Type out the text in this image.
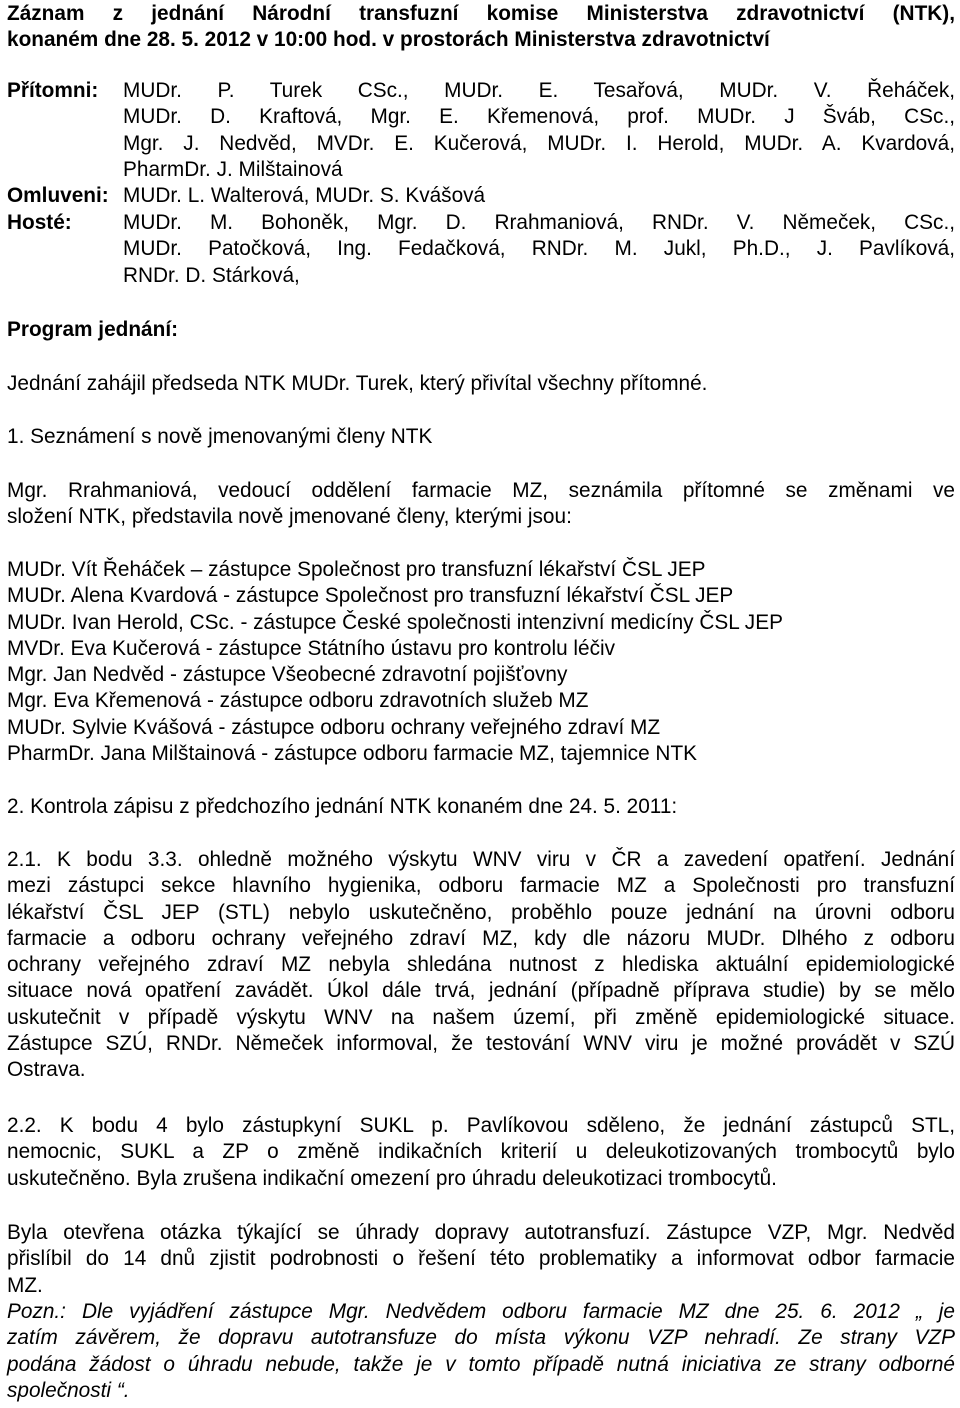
Záznam z jednání Národní transfuzní komise Ministerstva zdravotnictví (NTK),

konaném dne 28. 5. 2012 v 10:00 hod. v prostorách Ministerstva zdravotnictví

Přítomni:	MUDr. P. Turek CSc., MUDr. E. Tesařová, MUDr. V. Řeháček,

MUDr. D. Kraftová, Mgr. E. Křemenová, prof. MUDr. J Šváb, CSc.,

Mgr. J. Nedvěd, MVDr. E. Kučerová, MUDr. I. Herold, MUDr. A. Kvardová,

PharmDr. J. Milštainová

Omluveni: MUDr. L. Walterová, MUDr. S. Kvášová

Hosté:	MUDr. M. Bohoněk, Mgr. D. Rrahmaniová, RNDr. V. Němeček, CSc.,

MUDr. Patočková, Ing. Fedačková, RNDr. M. Jukl, Ph.D., J. Pavlíková,

RNDr. D. Stárková,

Program jednání:

Jednání zahájil předseda NTK MUDr. Turek, který přivítal všechny přítomné.

1. Seznámení s nově jmenovanými členy NTK

Mgr. Rrahmaniová, vedoucí oddělení farmacie MZ, seznámila přítomné se změnami ve

složení NTK, představila nově jmenované členy, kterými jsou:

MUDr. Vít Řeháček – zástupce Společnost pro transfuzní lékařství ČSL JEP

MUDr. Alena Kvardová - zástupce Společnost pro transfuzní lékařství ČSL JEP

MUDr. Ivan Herold, CSc. - zástupce České společnosti intenzivní medicíny ČSL JEP

MVDr. Eva Kučerová - zástupce Státního ústavu pro kontrolu léčiv

Mgr. Jan Nedvěd - zástupce Všeobecné zdravotní pojišťovny

Mgr. Eva Křemenová - zástupce odboru zdravotních služeb MZ

MUDr. Sylvie Kvášová - zástupce odboru ochrany veřejného zdraví MZ

PharmDr. Jana Milštainová - zástupce odboru farmacie MZ, tajemnice NTK

2. Kontrola zápisu z předchozího jednání NTK konaném dne 24. 5. 2011:

2.1. K bodu 3.3. ohledně možného výskytu WNV viru v ČR a zavedení opatření. Jednání

mezi zástupci sekce hlavního hygienika, odboru farmacie MZ a Společnosti pro transfuzní

lékařství ČSL JEP (STL) nebylo uskutečněno, proběhlo pouze jednání na úrovni odboru

farmacie a odboru ochrany veřejného zdraví MZ, kdy dle názoru MUDr. Dlhého z odboru

ochrany veřejného zdraví MZ nebyla shledána nutnost z hlediska aktuální epidemiologické

situace nová opatření zavádět. Úkol dále trvá, jednání (případně příprava studie) by se mělo

uskutečnit v případě výskytu WNV na našem území, při změně epidemiologické situace.

Zástupce SZÚ, RNDr. Němeček informoval, že testování WNV viru je možné provádět v SZÚ

Ostrava.

2.2. K bodu 4 bylo zástupkyní SUKL p. Pavlíkovou sděleno, že jednání zástupců STL,

nemocnic, SUKL a ZP o změně indikačních kriterií u deleukotizovaných trombocytů bylo

uskutečněno. Byla zrušena indikační omezení pro úhradu deleukotizaci trombocytů.

Byla otevřena otázka týkající se úhrady dopravy autotransfuzí. Zástupce VZP, Mgr. Nedvěd

přislíbil do 14 dnů zjistit podrobnosti o řešení této problematiky a informovat odbor farmacie

MZ.

Pozn.: Dle vyjádření zástupce Mgr. Nedvědem odboru farmacie MZ dne 25. 6. 2012 „ je

zatím závěrem, že dopravu autotransfuze do místa výkonu VZP nehradí. Ze strany VZP

podána žádost o úhradu nebude, takže je v tomto případě nutná iniciativa ze strany odborné

společnosti “.
